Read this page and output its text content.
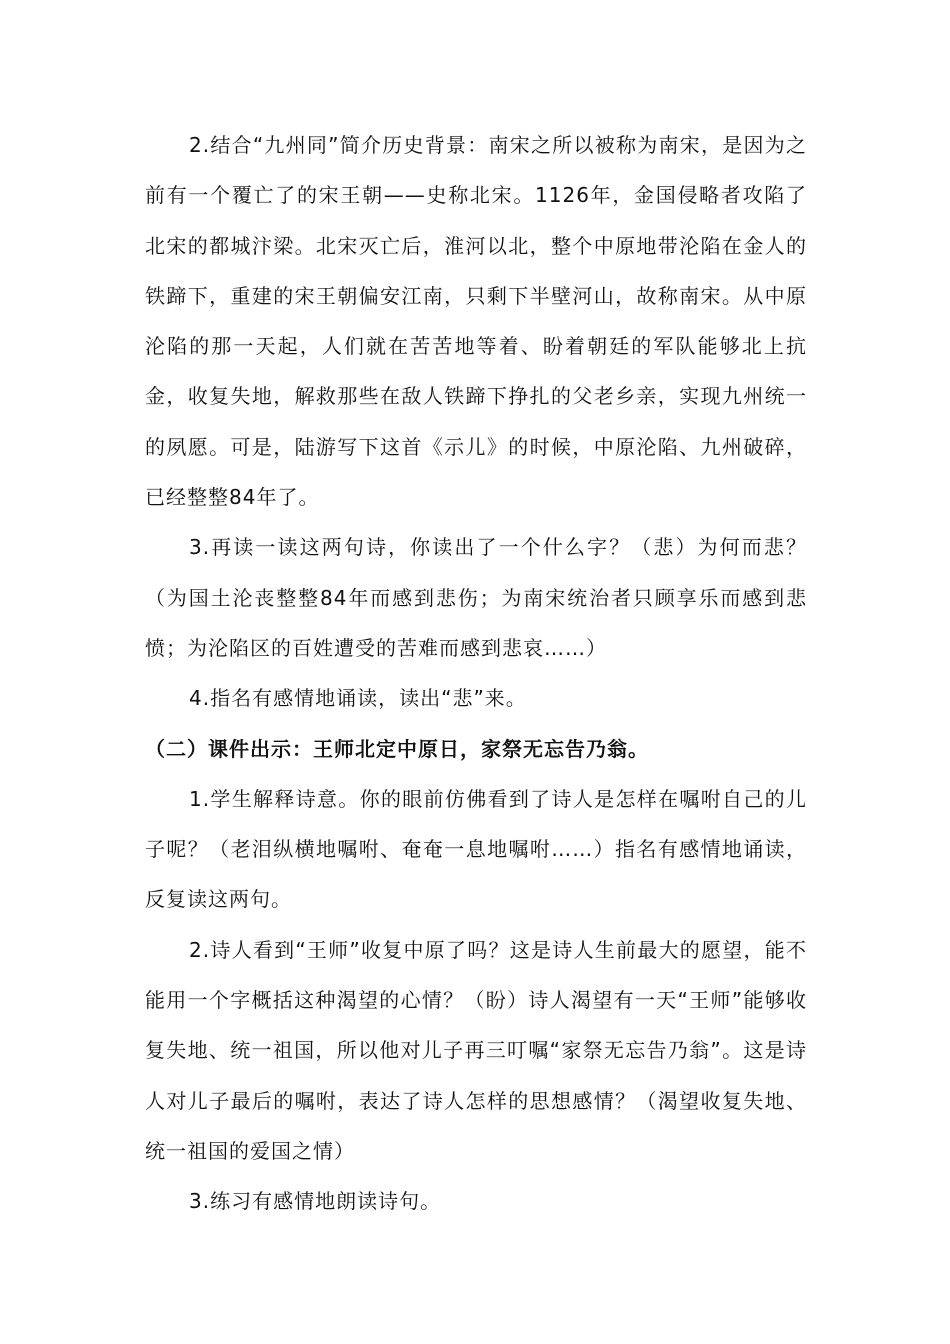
2.结合“九州同”简介历史背景：南宋之所以被称为南宋，是因为之前有一个覆亡了的宋王朝——史称北宋。1126年，金国侵略者攻陷了北宋的都城汴梁。北宋灭亡后，淮河以北，整个中原地带沦陷在金人的铁蹄下，重建的宋王朝偏安江南，只剩下半壁河山，故称南宋。从中原沦陷的那一天起，人们就在苦苦地等着、盼着朝廷的军队能够北上抗金，收复失地，解救那些在敌人铁蹄下挣扎的父老乡亲，实现九州统一的夙愿。可是，陆游写下这首《示儿》的时候，中原沦陷、九州破碎，已经整整84年了。

3.再读一读这两句诗，你读出了一个什么字？（悲）为何而悲？（为国土沦丧整整84年而感到悲伤；为南宋统治者只顾享乐而感到悲愤；为沦陷区的百姓遭受的苦难而感到悲哀……）

4.指名有感情地诵读，读出“悲”来。

（二）课件出示：王师北定中原日，家祭无忘告乃翁。

1.学生解释诗意。你的眼前仿佛看到了诗人是怎样在嘱咐自己的儿子呢？（老泪纵横地嘱咐、奄奄一息地嘱咐……）指名有感情地诵读，反复读这两句。

2.诗人看到“王师”收复中原了吗？这是诗人生前最大的愿望，能不能用一个字概括这种渴望的心情？（盼）诗人渴望有一天“王师”能够收复失地、统一祖国，所以他对儿子再三叮嘱“家祭无忘告乃翁”。这是诗人对儿子最后的嘱咐，表达了诗人怎样的思想感情？（渴望收复失地、统一祖国的爱国之情）

3.练习有感情地朗读诗句。
